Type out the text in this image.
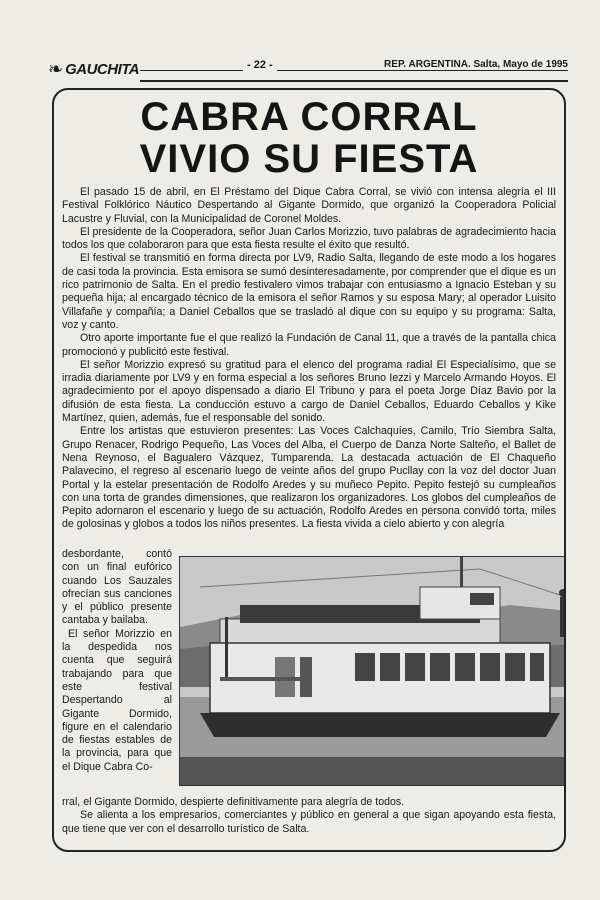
❧ GAUCHITA	- 22 -	REP. ARGENTINA. Salta, Mayo de 1995
CABRA CORRAL
VIVIO SU FIESTA

El pasado 15 de abril, en El Préstamo del Dique Cabra Corral, se vivió con intensa alegría el III Festival Folklórico Náutico Despertando al Gigante Dormido, que organizó la Cooperadora Policial Lacustre y Fluvial, con la Municipalidad de Coronel Moldes.

El presidente de la Cooperadora, señor Juan Carlos Morizzio, tuvo palabras de agradecimiento hacia todos los que colaboraron para que esta fiesta resulte el éxito que resultó.

El festival se transmitió en forma directa por LV9, Radio Salta, llegando de este modo a los hogares de casi toda la provincia. Esta emisora se sumó desinteresadamente, por comprender que el dique es un rico patrimonio de Salta. En el predio festivalero vimos trabajar con entusiasmo a Ignacio Esteban y su pequeña hija; al encargado técnico de la emisora el señor Ramos y su esposa Mary; al operador Luisito Villafañe y compañía; a Daniel Ceballos que se trasladó al dique con su equipo y su programa: Salta, voz y canto.

Otro aporte importante fue el que realizó la Fundación de Canal 11, que a través de la pantalla chica promocionó y publicitó este festival.

El señor Morizzio expresó su gratitud para el elenco del programa radial El Especialísimo, que se irradia diariamente por LV9 y en forma especial a los señores Bruno Iezzi y Marcelo Armando Hoyos. El agradecimiento por el apoyo dispensado a diario El Tribuno y para el poeta Jorge Díaz Bavio por la difusión de esta fiesta. La conducción estuvo a cargo de Daniel Ceballos, Eduardo Ceballos y Kike Martínez, quien, además, fue el responsable del sonido.

Entre los artistas que estuvieron presentes: Las Voces Calchaquíes, Camilo, Trío Siembra Salta, Grupo Renacer, Rodrigo Pequeño, Las Voces del Alba, el Cuerpo de Danza Norte Salteño, el Ballet de Nena Reynoso, el Bagualero Vázquez, Tumparenda. La destacada actuación de El Chaqueño Palavecino, el regreso al escenario luego de veinte años del grupo Pucllay con la voz del doctor Juan Portal y la estelar presentación de Rodolfo Aredes y su muñeco Pepito. Pepito festejó su cumpleaños con una torta de grandes dimensiones, que realizaron los organizadores. Los globos del cumpleaños de Pepito adornaron el escenario y luego de su actuación, Rodolfo Aredes en persona convidó torta, miles de golosinas y globos a todos los niños presentes. La fiesta vivida a cielo abierto y con alegría

desbordante, contó con un final eufórico cuando Los Sauzales ofrecían sus canciones y el público presente cantaba y bailaba.

El señor Morizzio en la despedida nos cuenta que seguirá trabajando para que este festival Despertando al Gigante Dormido, figure en el calendario de fiestas estables de la provincia, para que el Dique Cabra Co-

rral, el Gigante Dormido, despierte definitivamente para alegría de todos.

Se alienta a los empresarios, comerciantes y público en general a que sigan apoyando esta fiesta, que tiene que ver con el desarrollo turístico de Salta.
